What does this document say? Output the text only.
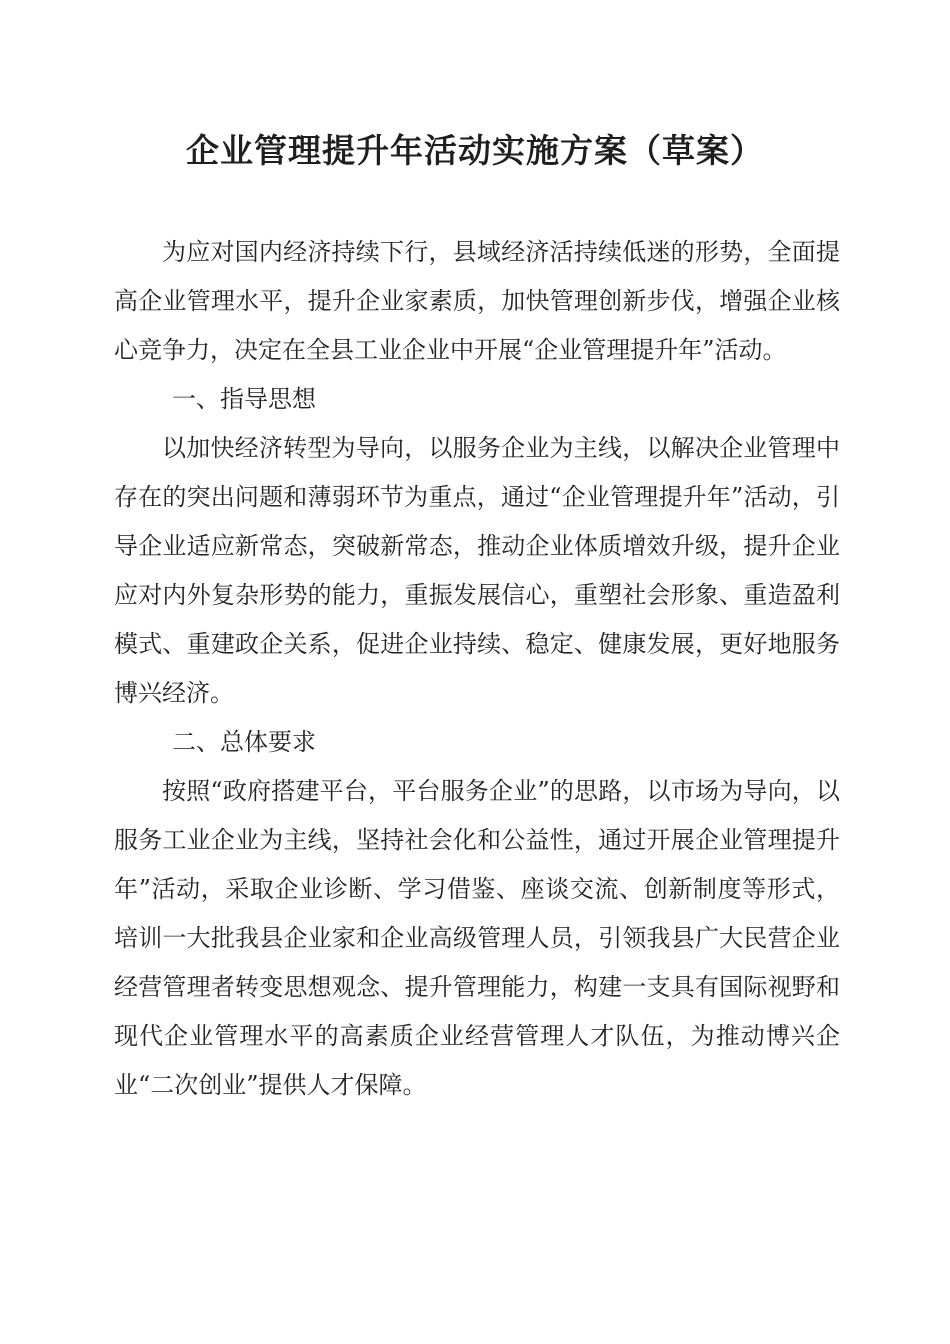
企业管理提升年活动实施方案（草案）

为应对国内经济持续下行，县域经济活持续低迷的形势，全面提高企业管理水平，提升企业家素质，加快管理创新步伐，增强企业核心竞争力，决定在全县工业企业中开展“企业管理提升年”活动。

一、指导思想

以加快经济转型为导向，以服务企业为主线，以解决企业管理中存在的突出问题和薄弱环节为重点，通过“企业管理提升年”活动，引导企业适应新常态，突破新常态，推动企业体质增效升级，提升企业应对内外复杂形势的能力，重振发展信心，重塑社会形象、重造盈利模式、重建政企关系，促进企业持续、稳定、健康发展，更好地服务博兴经济。

二、总体要求

按照“政府搭建平台，平台服务企业”的思路，以市场为导向，以服务工业企业为主线，坚持社会化和公益性，通过开展企业管理提升年”活动，采取企业诊断、学习借鉴、座谈交流、创新制度等形式，培训一大批我县企业家和企业高级管理人员，引领我县广大民营企业经营管理者转变思想观念、提升管理能力，构建一支具有国际视野和现代企业管理水平的高素质企业经营管理人才队伍，为推动博兴企业“二次创业”提供人才保障。
